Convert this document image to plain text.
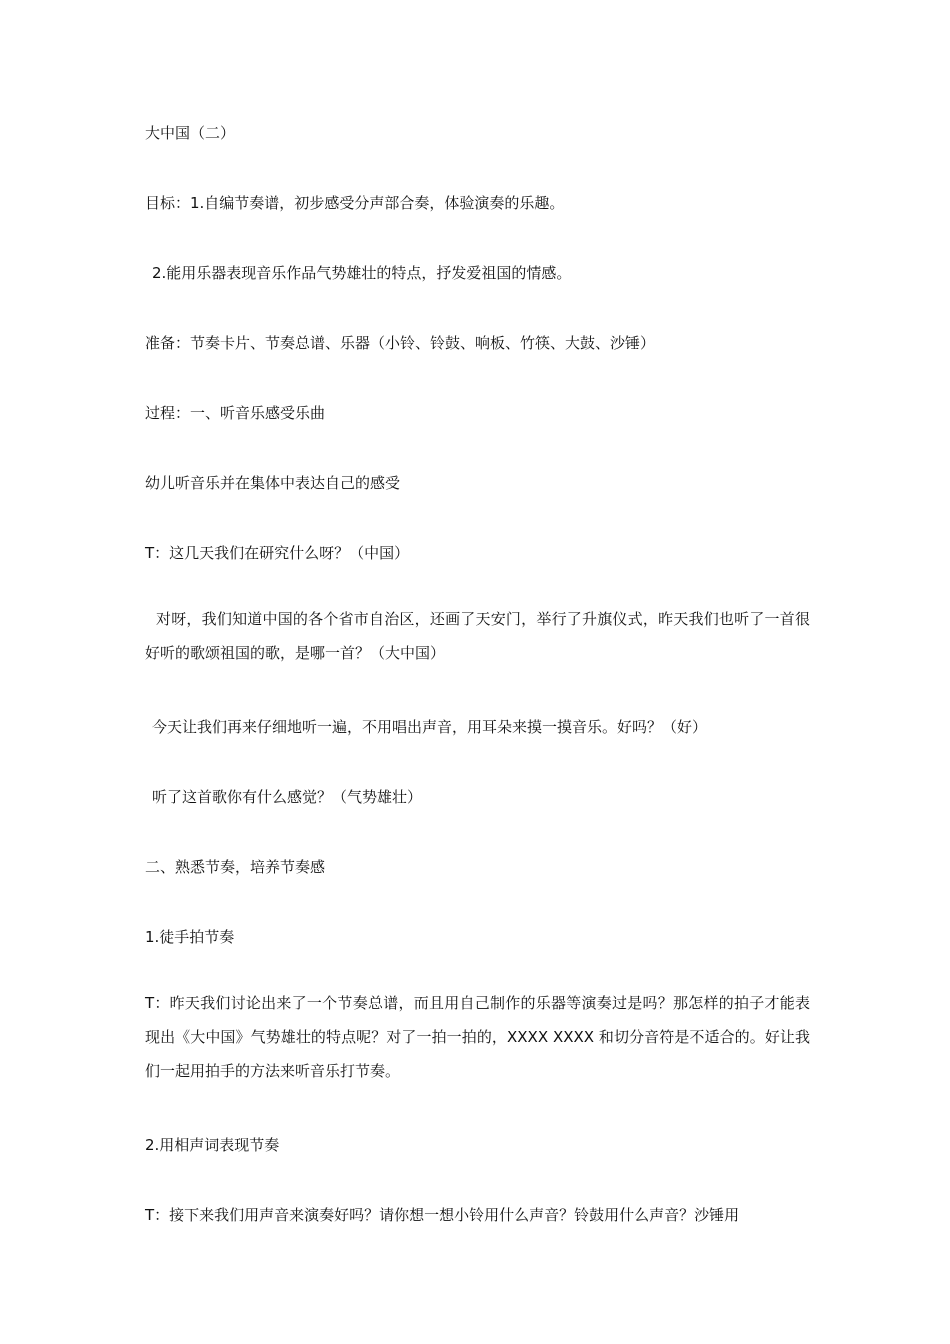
大中国（二）
目标：1.自编节奏谱，初步感受分声部合奏，体验演奏的乐趣。
2.能用乐器表现音乐作品气势雄壮的特点，抒发爱祖国的情感。
准备：节奏卡片、节奏总谱、乐器（小铃、铃鼓、响板、竹筷、大鼓、沙锤）
过程：一、听音乐感受乐曲
幼儿听音乐并在集体中表达自己的感受
T：这几天我们在研究什么呀？（中国）
对呀，我们知道中国的各个省市自治区，还画了天安门，举行了升旗仪式，昨天我们也听了一首很好听的歌颂祖国的歌，是哪一首？（大中国）
今天让我们再来仔细地听一遍，不用唱出声音，用耳朵来摸一摸音乐。好吗？（好）
听了这首歌你有什么感觉？（气势雄壮）
二、熟悉节奏，培养节奏感
1.徒手拍节奏
T：昨天我们讨论出来了一个节奏总谱，而且用自己制作的乐器等演奏过是吗？那怎样的拍子才能表现出《大中国》气势雄壮的特点呢？对了一拍一拍的，XXXX XXXX 和切分音符是不适合的。好让我们一起用拍手的方法来听音乐打节奏。
2.用相声词表现节奏
T：接下来我们用声音来演奏好吗？请你想一想小铃用什么声音？铃鼓用什么声音？沙锤用
